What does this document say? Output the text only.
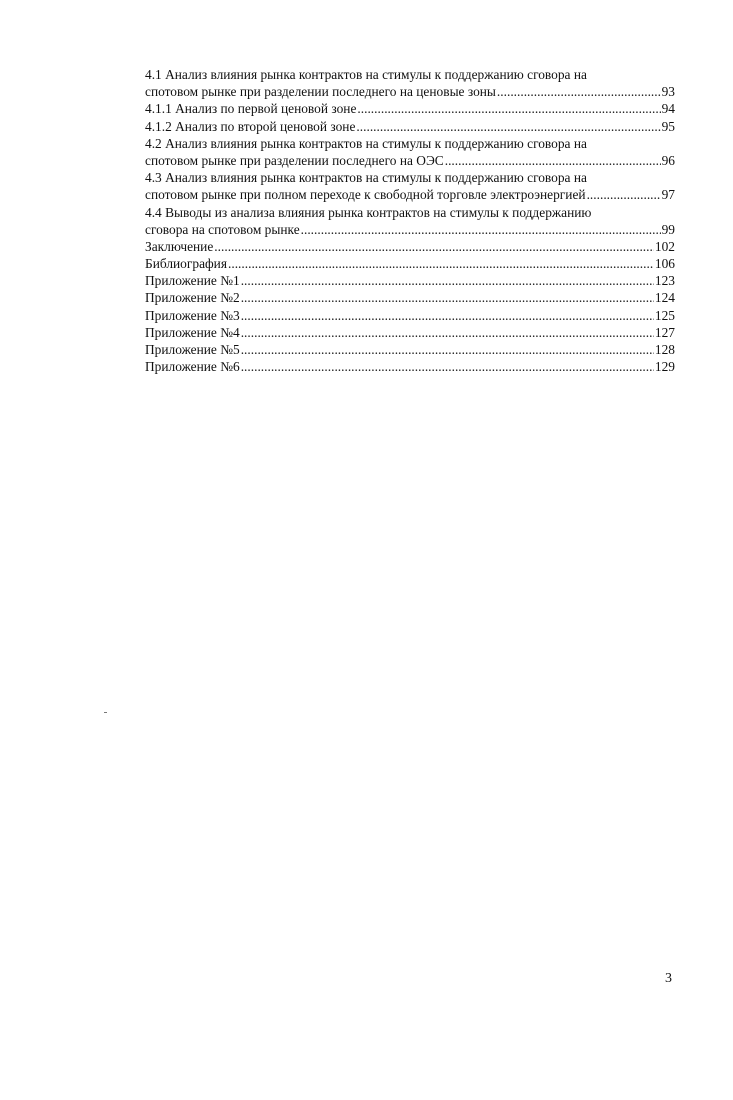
4.1 Анализ влияния рынка контрактов на стимулы к поддержанию сговора на
спотовом рынке при разделении последнего на ценовые зоны .....	93
4.1.1 Анализ по первой ценовой зоне .....	94
4.1.2 Анализ по второй ценовой зоне .....	95
4.2 Анализ влияния рынка контрактов на стимулы к поддержанию сговора на
спотовом рынке при разделении последнего на ОЭС .....	96
4.3 Анализ влияния рынка контрактов на стимулы к поддержанию сговора на
спотовом рынке при полном переходе к свободной торговле электроэнергией .....	97
4.4 Выводы из анализа влияния рынка контрактов на стимулы к поддержанию
сговора на спотовом рынке .....	99
Заключение .....	102
Библиография .....	106
Приложение №1 .....	123
Приложение №2 .....	124
Приложение №3 .....	125
Приложение №4 .....	127
Приложение №5 .....	128
Приложение №6 .....	129
3
